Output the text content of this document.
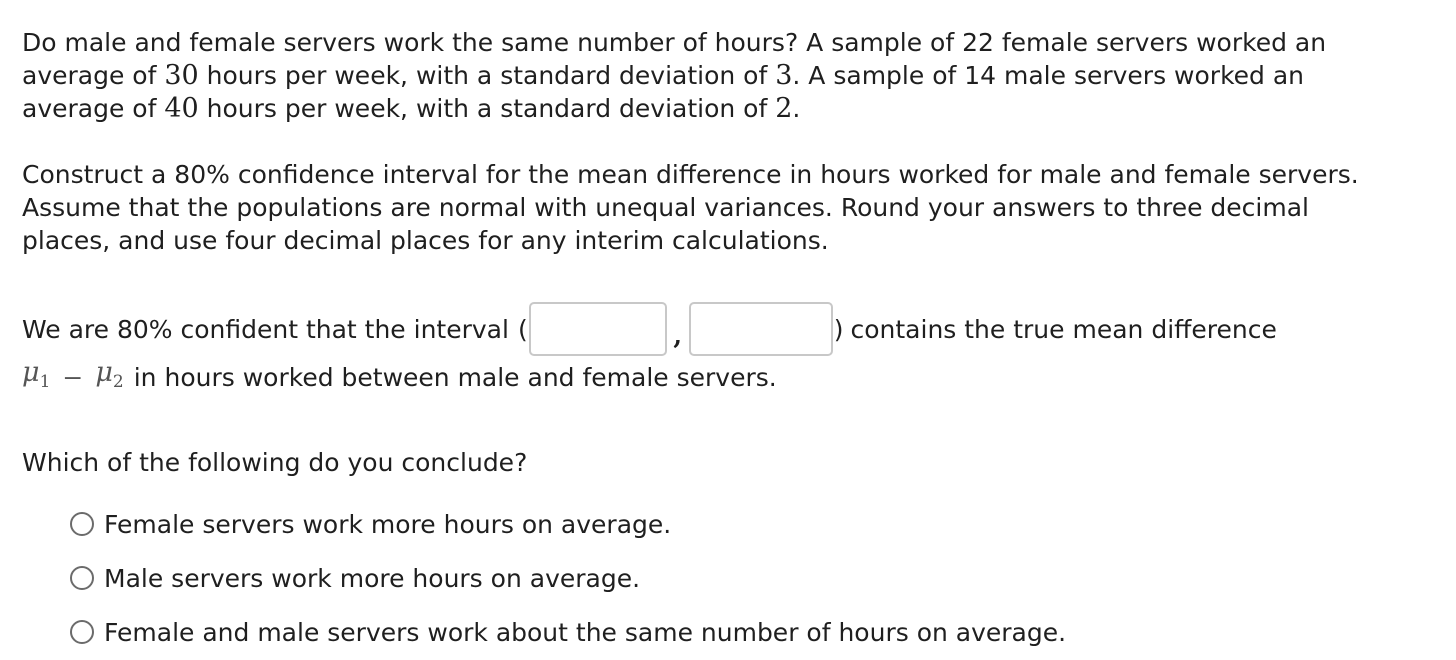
Do male and female servers work the same number of hours? A sample of 22 female servers worked an
average of 30 hours per week, with a standard deviation of 3. A sample of 14 male servers worked an
average of 40 hours per week, with a standard deviation of 2.

Construct a 80% confidence interval for the mean difference in hours worked for male and female servers.
Assume that the populations are normal with unequal variances. Round your answers to three decimal
places, and use four decimal places for any interim calculations.

We are 80% confident that the interval (	,	) contains the true mean difference
$\mu_1 - \mu_2$ in hours worked between male and female servers.
Which of the following do you conclude?
Female servers work more hours on average.
Male servers work more hours on average.
Female and male servers work about the same number of hours on average.
